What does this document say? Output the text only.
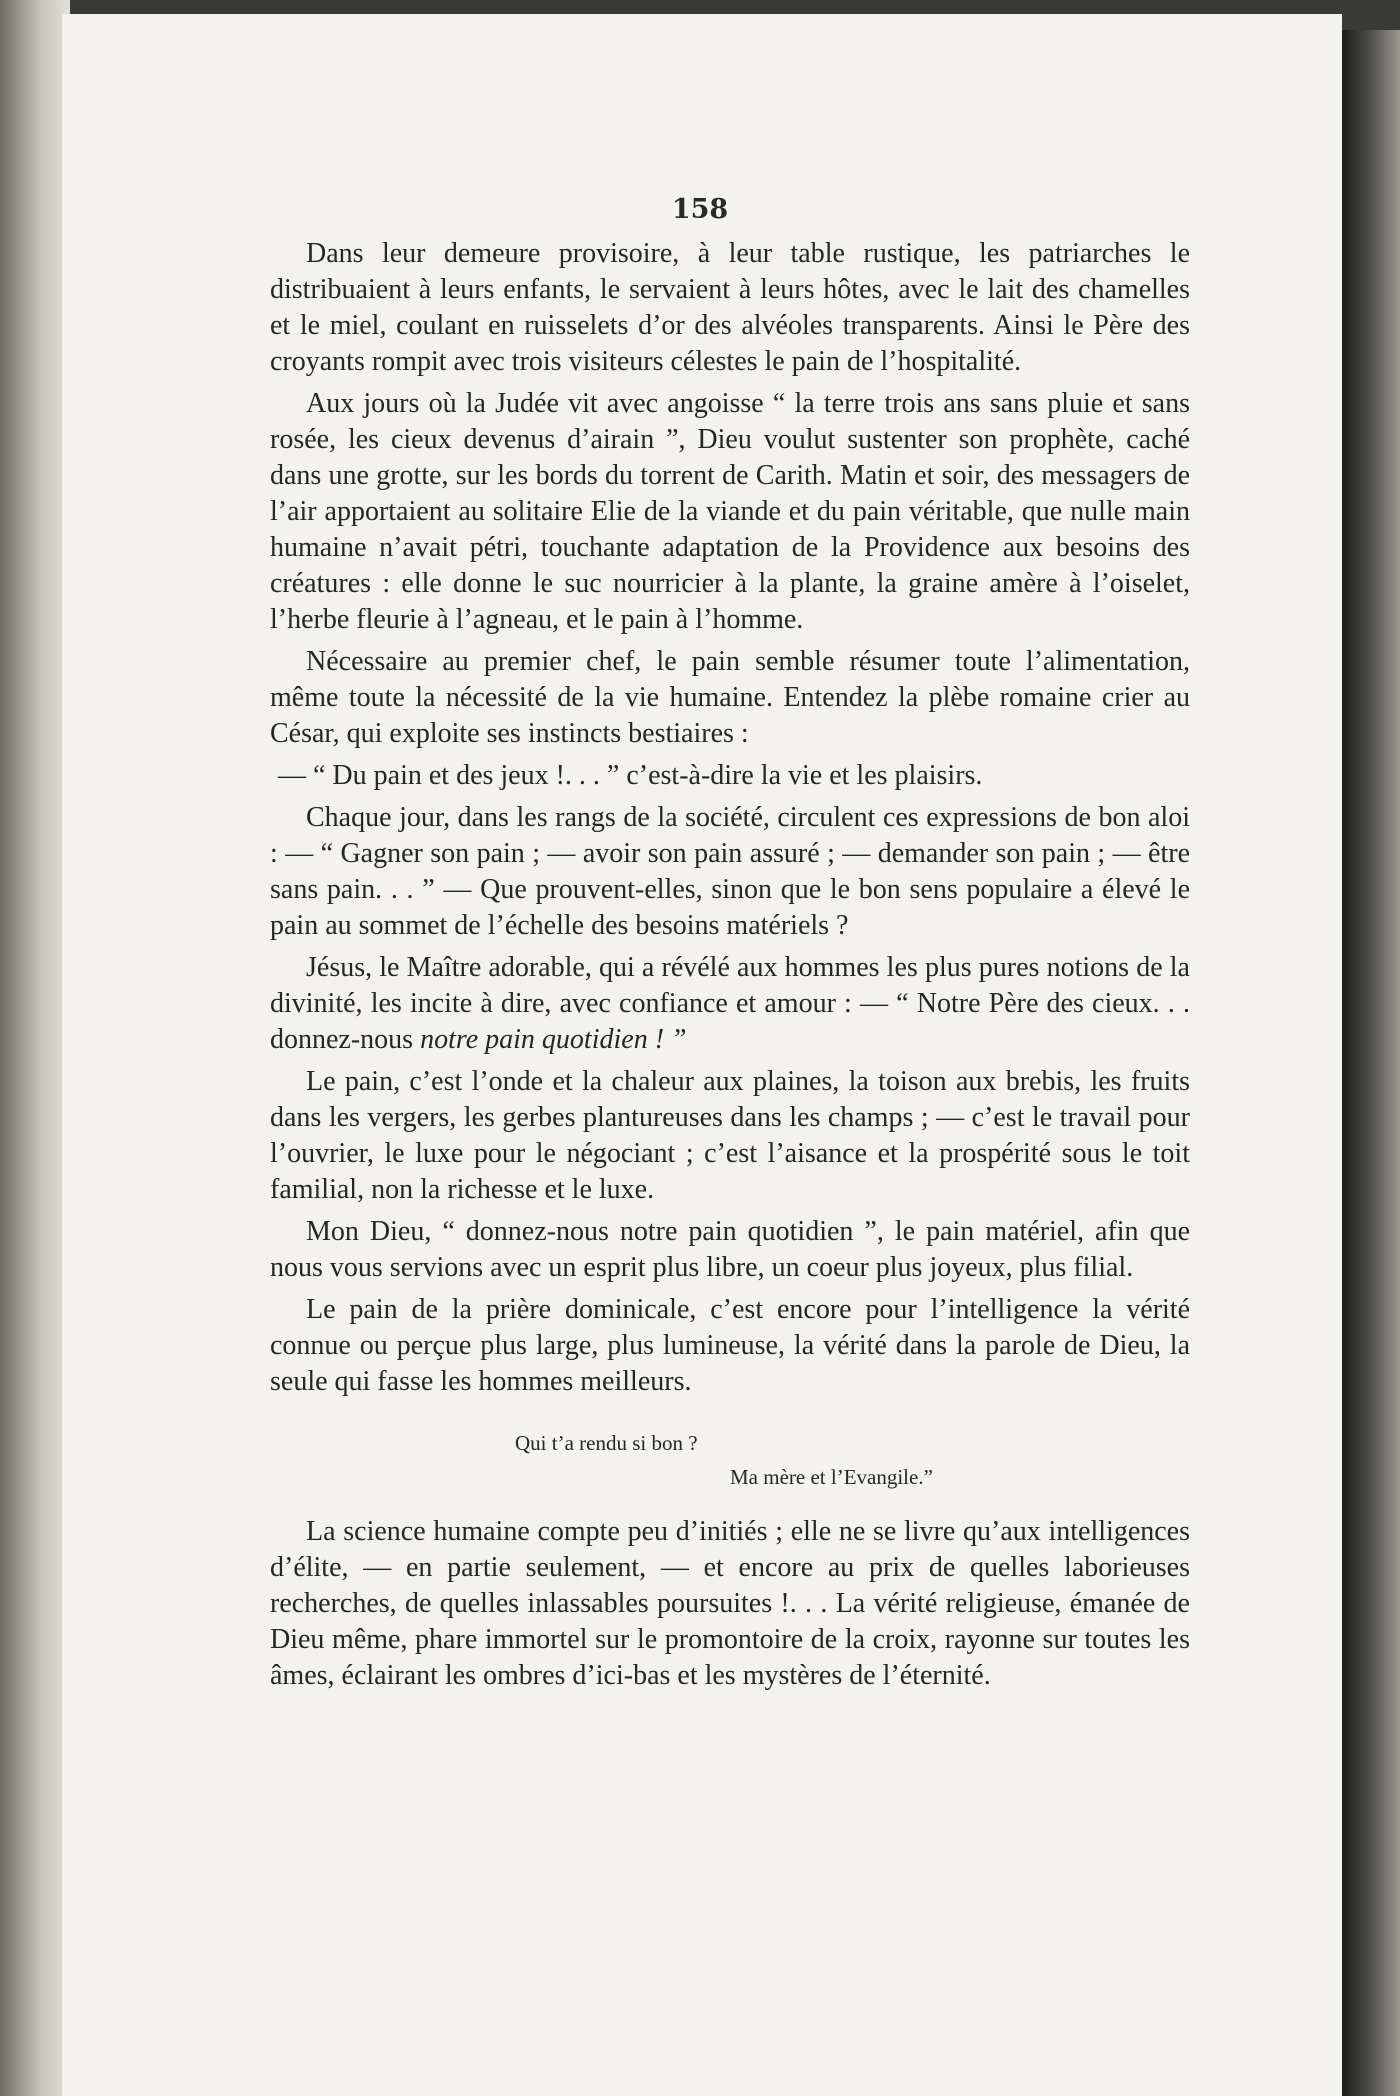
158

Dans leur demeure provisoire, à leur table rustique, les patriarches le distribuaient à leurs enfants, le servaient à leurs hôtes, avec le lait des chamelles et le miel, coulant en ruisselets d’or des alvéoles transparents. Ainsi le Père des croyants rompit avec trois visiteurs célestes le pain de l’hospitalité.

Aux jours où la Judée vit avec angoisse “ la terre trois ans sans pluie et sans rosée, les cieux devenus d’airain ”, Dieu voulut sustenter son prophète, caché dans une grotte, sur les bords du torrent de Carith. Matin et soir, des messagers de l’air apportaient au solitaire Elie de la viande et du pain véritable, que nulle main humaine n’avait pétri, touchante adaptation de la Providence aux besoins des créatures : elle donne le suc nourricier à la plante, la graine amère à l’oiselet, l’herbe fleurie à l’agneau, et le pain à l’homme.

Nécessaire au premier chef, le pain semble résumer toute l’alimentation, même toute la nécessité de la vie humaine. Entendez la plèbe romaine crier au César, qui exploite ses instincts bestiaires :

— “ Du pain et des jeux !. . . ” c’est-à-dire la vie et les plaisirs.

Chaque jour, dans les rangs de la société, circulent ces expressions de bon aloi : — “ Gagner son pain ; — avoir son pain assuré ; — demander son pain ; — être sans pain. . . ” — Que prouvent-elles, sinon que le bon sens populaire a élevé le pain au sommet de l’échelle des besoins matériels ?

Jésus, le Maître adorable, qui a révélé aux hommes les plus pures notions de la divinité, les incite à dire, avec confiance et amour : — “ Notre Père des cieux. . . donnez-nous notre pain quotidien ! ”

Le pain, c’est l’onde et la chaleur aux plaines, la toison aux brebis, les fruits dans les vergers, les gerbes plantureuses dans les champs ; — c’est le travail pour l’ouvrier, le luxe pour le négociant ; c’est l’aisance et la prospérité sous le toit familial, non la richesse et le luxe.

Mon Dieu, “ donnez-nous notre pain quotidien ”, le pain matériel, afin que nous vous servions avec un esprit plus libre, un coeur plus joyeux, plus filial.

Le pain de la prière dominicale, c’est encore pour l’intelligence la vérité connue ou perçue plus large, plus lumineuse, la vérité dans la parole de Dieu, la seule qui fasse les hommes meilleurs.

Qui t’a rendu si bon ?
Ma mère et l’Evangile.”

La science humaine compte peu d’initiés ; elle ne se livre qu’aux intelligences d’élite, — en partie seulement, — et encore au prix de quelles laborieuses recherches, de quelles inlassables poursuites !. . . La vérité religieuse, émanée de Dieu même, phare immortel sur le promontoire de la croix, rayonne sur toutes les âmes, éclairant les ombres d’ici-bas et les mystères de l’éternité.
